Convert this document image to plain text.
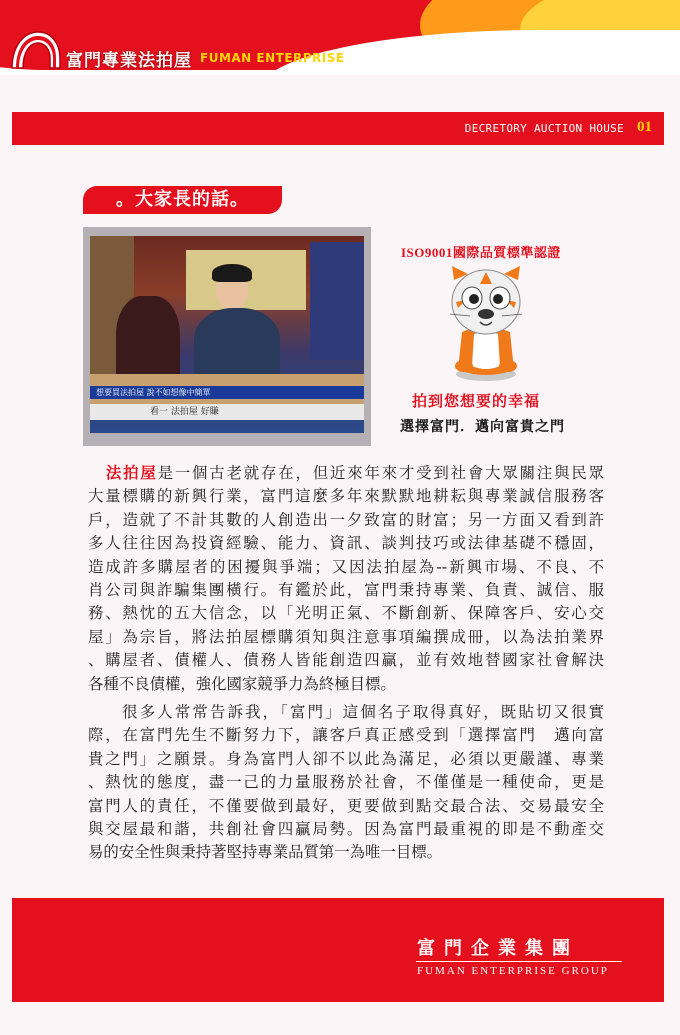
富門專業法拍屋 FUMAN ENTERPRISE
DECRETORY AUCTION HOUSE 01
。大家長的話。
想要買法拍屋 說不如想像中簡單
看一 法拍屋 好賺
ISO9001國際品質標準認證
拍到您想要的幸福
選擇富門．邁向富貴之門
法拍屋是一個古老就存在，但近來年來才受到社會大眾關注與民眾
大量標購的新興行業，富門這麼多年來默默地耕耘與專業誠信服務客
戶，造就了不計其數的人創造出一夕致富的財富；另一方面又看到許
多人往往因為投資經驗、能力、資訊、談判技巧或法律基礎不穩固，
造成許多購屋者的困擾與爭端；又因法拍屋為--新興市場、不良、不
肖公司與詐騙集團橫行。有鑑於此，富門秉持專業、負責、誠信、服
務、熱忱的五大信念，以「光明正氣、不斷創新、保障客戶、安心交
屋」為宗旨，將法拍屋標購須知與注意事項編撰成冊，以為法拍業界
、購屋者、債權人、債務人皆能創造四贏，並有效地替國家社會解決
各種不良債權，強化國家競爭力為終極目標。
很多人常常告訴我，「富門」這個名子取得真好，既貼切又很實
際，在富門先生不斷努力下，讓客戶真正感受到「選擇富門　邁向富
貴之門」之願景。身為富門人卻不以此為滿足，必須以更嚴謹、專業
、熱忱的態度，盡一己的力量服務於社會，不僅僅是一種使命，更是
富門人的責任，不僅要做到最好，更要做到點交最合法、交易最安全
與交屋最和諧，共創社會四贏局勢。因為富門最重視的即是不動產交
易的安全性與秉持著堅持專業品質第一為唯一目標。
富門企業集團
FUMAN ENTERPRISE GROUP
